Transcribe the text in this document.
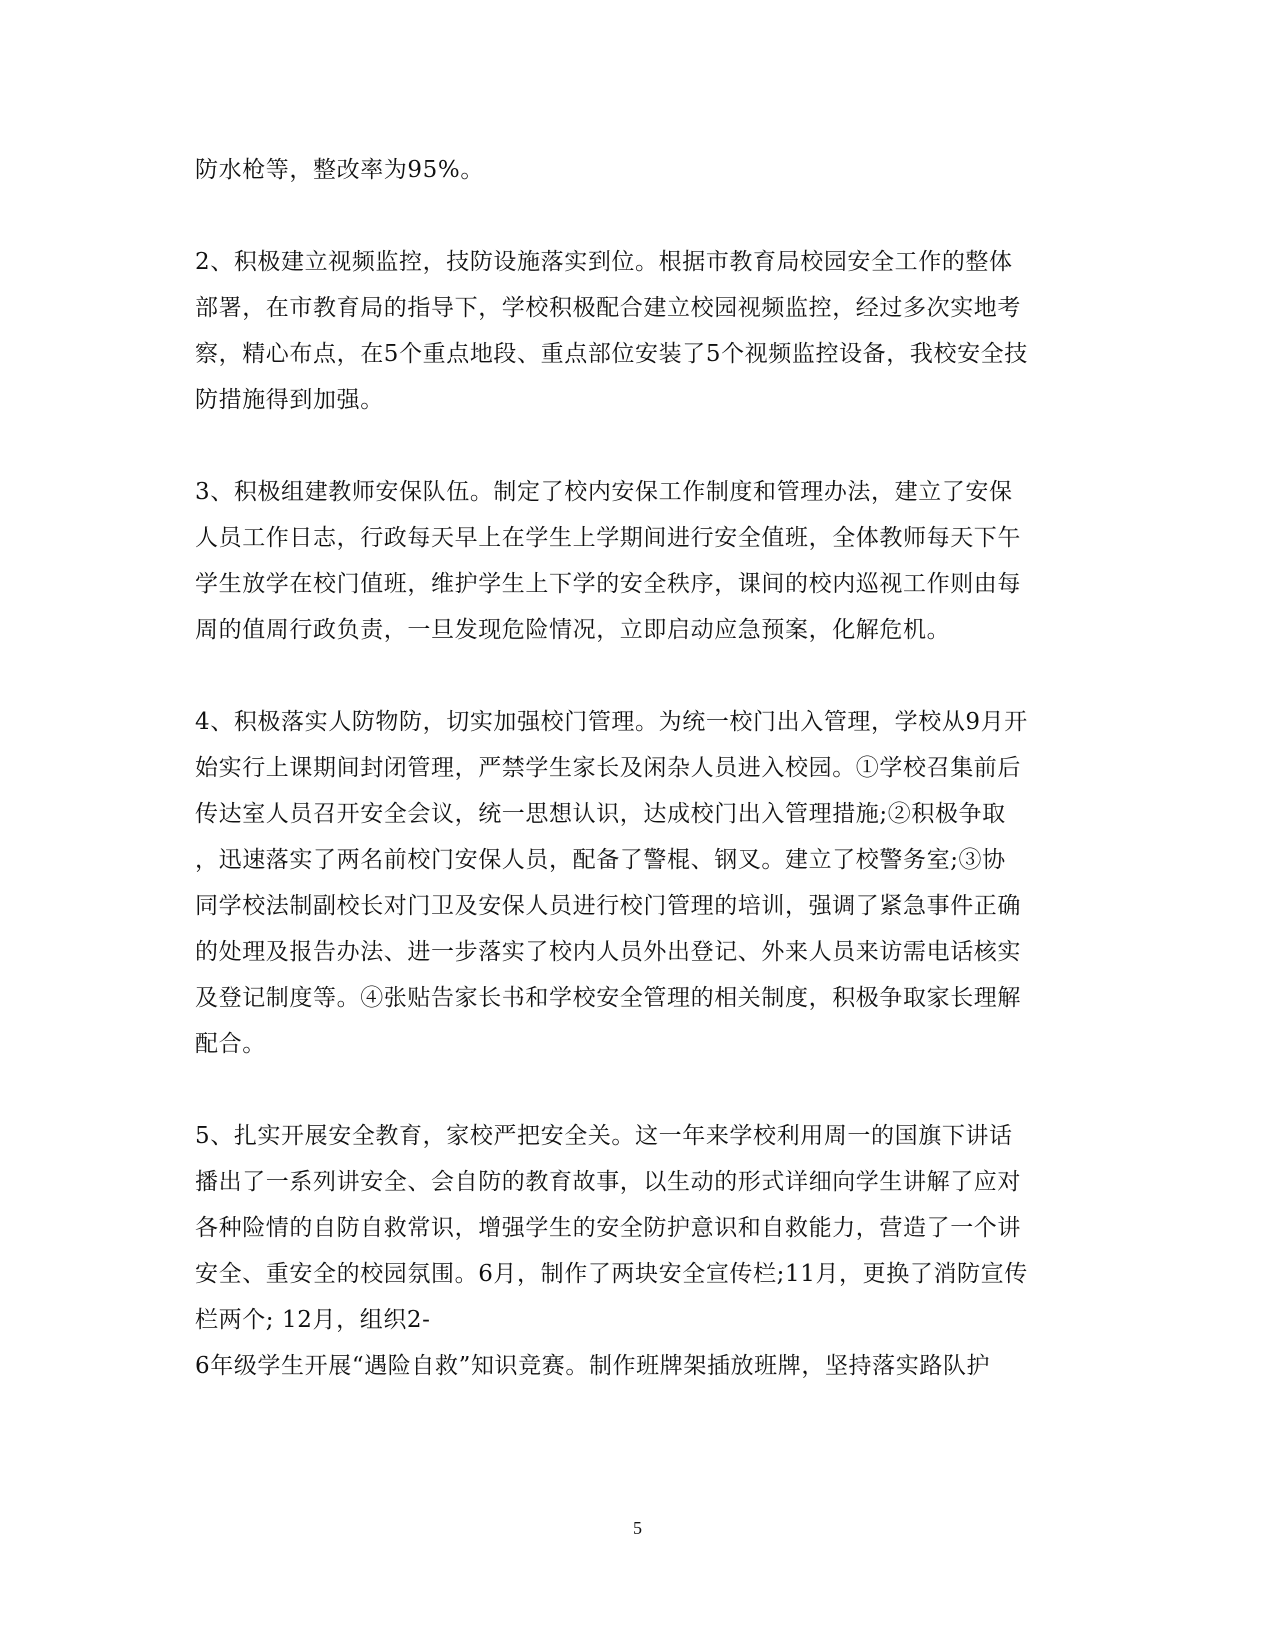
防水枪等，整改率为95%。
2、积极建立视频监控，技防设施落实到位。根据市教育局校园安全工作的整体
部署，在市教育局的指导下，学校积极配合建立校园视频监控，经过多次实地考
察，精心布点，在5个重点地段、重点部位安装了5个视频监控设备，我校安全技
防措施得到加强。
3、积极组建教师安保队伍。制定了校内安保工作制度和管理办法，建立了安保
人员工作日志，行政每天早上在学生上学期间进行安全值班，全体教师每天下午
学生放学在校门值班，维护学生上下学的安全秩序，课间的校内巡视工作则由每
周的值周行政负责，一旦发现危险情况，立即启动应急预案，化解危机。
4、积极落实人防物防，切实加强校门管理。为统一校门出入管理，学校从9月开
始实行上课期间封闭管理，严禁学生家长及闲杂人员进入校园。①学校召集前后
传达室人员召开安全会议，统一思想认识，达成校门出入管理措施;②积极争取
，迅速落实了两名前校门安保人员，配备了警棍、钢叉。建立了校警务室;③协
同学校法制副校长对门卫及安保人员进行校门管理的培训，强调了紧急事件正确
的处理及报告办法、进一步落实了校内人员外出登记、外来人员来访需电话核实
及登记制度等。④张贴告家长书和学校安全管理的相关制度，积极争取家长理解
配合。
5、扎实开展安全教育，家校严把安全关。这一年来学校利用周一的国旗下讲话
播出了一系列讲安全、会自防的教育故事，以生动的形式详细向学生讲解了应对
各种险情的自防自救常识，增强学生的安全防护意识和自救能力，营造了一个讲
安全、重安全的校园氛围。6月，制作了两块安全宣传栏;11月，更换了消防宣传
栏两个; 12月，组织2-
6年级学生开展“遇险自救”知识竞赛。制作班牌架插放班牌，坚持落实路队护
5
